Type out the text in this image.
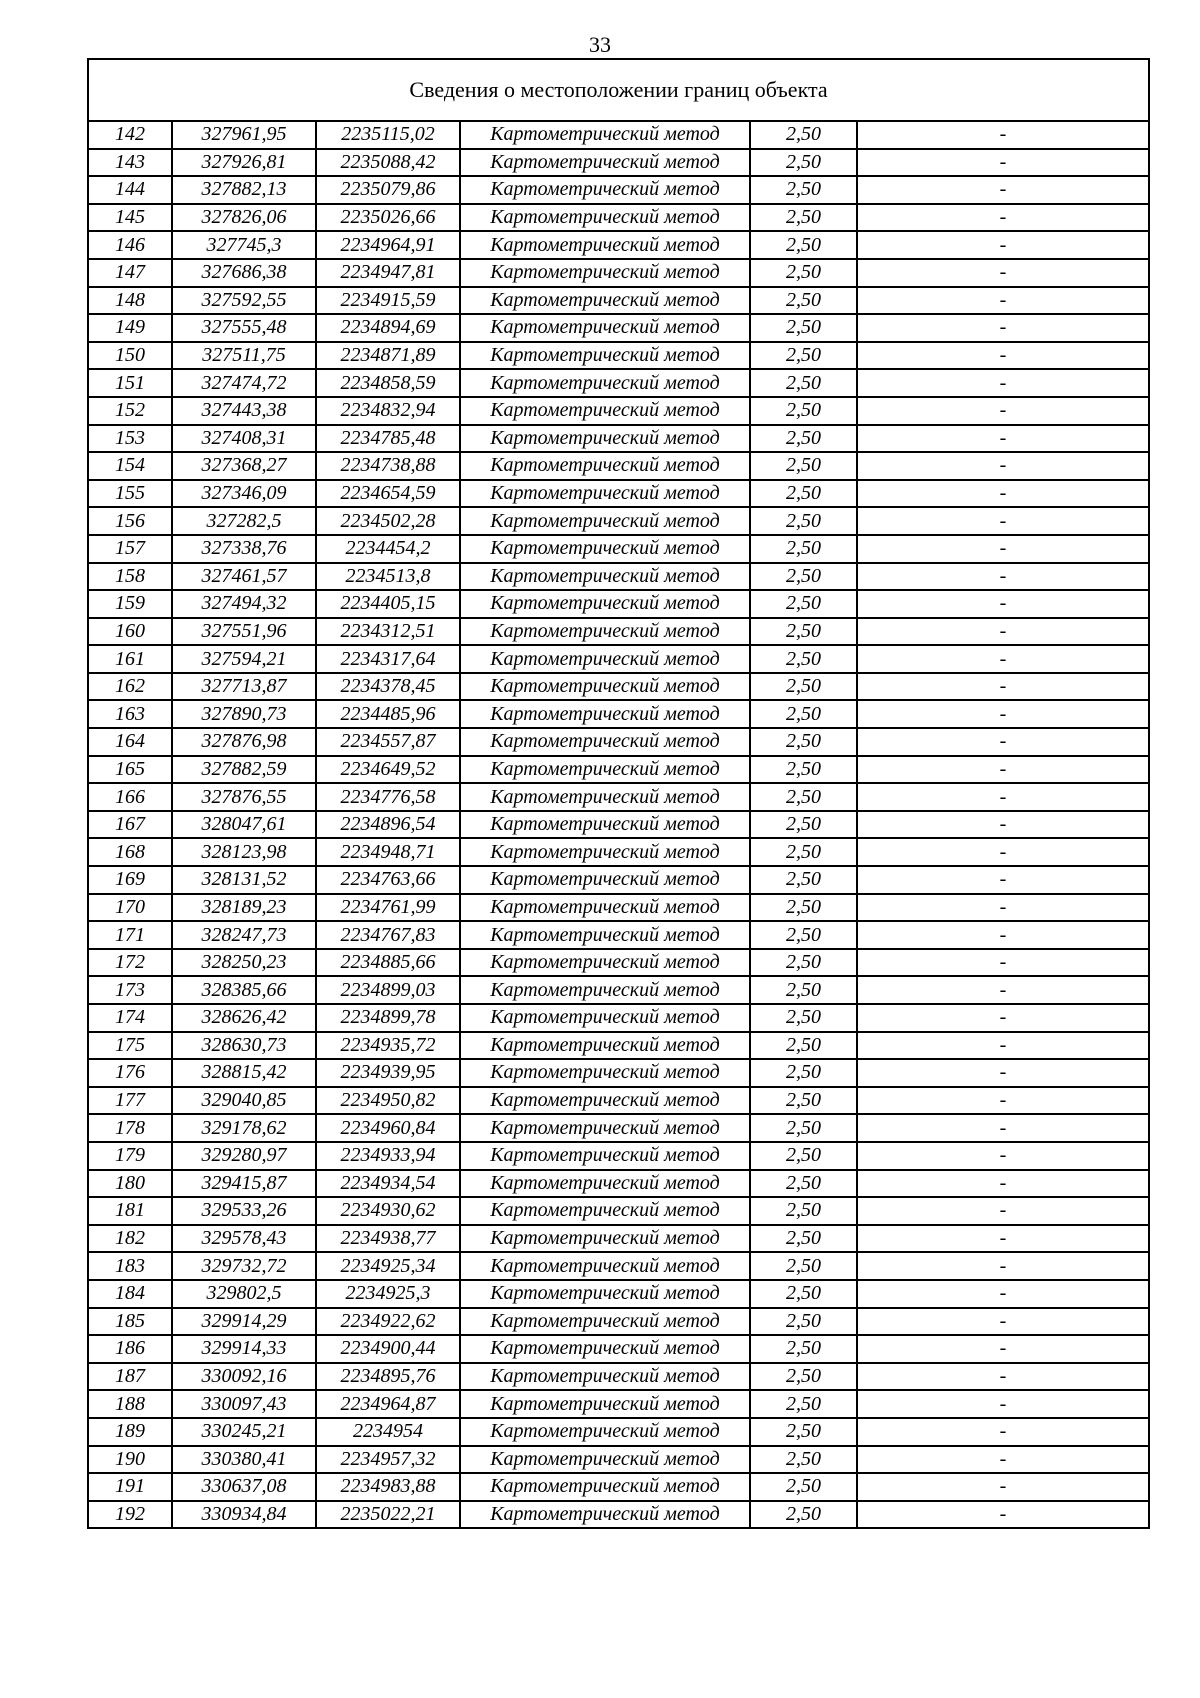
33
Сведения о местоположении границ объекта					
142	327961,95	2235115,02	Картометрический метод	2,50	-
143	327926,81	2235088,42	Картометрический метод	2,50	-
144	327882,13	2235079,86	Картометрический метод	2,50	-
145	327826,06	2235026,66	Картометрический метод	2,50	-
146	327745,3	2234964,91	Картометрический метод	2,50	-
147	327686,38	2234947,81	Картометрический метод	2,50	-
148	327592,55	2234915,59	Картометрический метод	2,50	-
149	327555,48	2234894,69	Картометрический метод	2,50	-
150	327511,75	2234871,89	Картометрический метод	2,50	-
151	327474,72	2234858,59	Картометрический метод	2,50	-
152	327443,38	2234832,94	Картометрический метод	2,50	-
153	327408,31	2234785,48	Картометрический метод	2,50	-
154	327368,27	2234738,88	Картометрический метод	2,50	-
155	327346,09	2234654,59	Картометрический метод	2,50	-
156	327282,5	2234502,28	Картометрический метод	2,50	-
157	327338,76	2234454,2	Картометрический метод	2,50	-
158	327461,57	2234513,8	Картометрический метод	2,50	-
159	327494,32	2234405,15	Картометрический метод	2,50	-
160	327551,96	2234312,51	Картометрический метод	2,50	-
161	327594,21	2234317,64	Картометрический метод	2,50	-
162	327713,87	2234378,45	Картометрический метод	2,50	-
163	327890,73	2234485,96	Картометрический метод	2,50	-
164	327876,98	2234557,87	Картометрический метод	2,50	-
165	327882,59	2234649,52	Картометрический метод	2,50	-
166	327876,55	2234776,58	Картометрический метод	2,50	-
167	328047,61	2234896,54	Картометрический метод	2,50	-
168	328123,98	2234948,71	Картометрический метод	2,50	-
169	328131,52	2234763,66	Картометрический метод	2,50	-
170	328189,23	2234761,99	Картометрический метод	2,50	-
171	328247,73	2234767,83	Картометрический метод	2,50	-
172	328250,23	2234885,66	Картометрический метод	2,50	-
173	328385,66	2234899,03	Картометрический метод	2,50	-
174	328626,42	2234899,78	Картометрический метод	2,50	-
175	328630,73	2234935,72	Картометрический метод	2,50	-
176	328815,42	2234939,95	Картометрический метод	2,50	-
177	329040,85	2234950,82	Картометрический метод	2,50	-
178	329178,62	2234960,84	Картометрический метод	2,50	-
179	329280,97	2234933,94	Картометрический метод	2,50	-
180	329415,87	2234934,54	Картометрический метод	2,50	-
181	329533,26	2234930,62	Картометрический метод	2,50	-
182	329578,43	2234938,77	Картометрический метод	2,50	-
183	329732,72	2234925,34	Картометрический метод	2,50	-
184	329802,5	2234925,3	Картометрический метод	2,50	-
185	329914,29	2234922,62	Картометрический метод	2,50	-
186	329914,33	2234900,44	Картометрический метод	2,50	-
187	330092,16	2234895,76	Картометрический метод	2,50	-
188	330097,43	2234964,87	Картометрический метод	2,50	-
189	330245,21	2234954	Картометрический метод	2,50	-
190	330380,41	2234957,32	Картометрический метод	2,50	-
191	330637,08	2234983,88	Картометрический метод	2,50	-
192	330934,84	2235022,21	Картометрический метод	2,50	-
